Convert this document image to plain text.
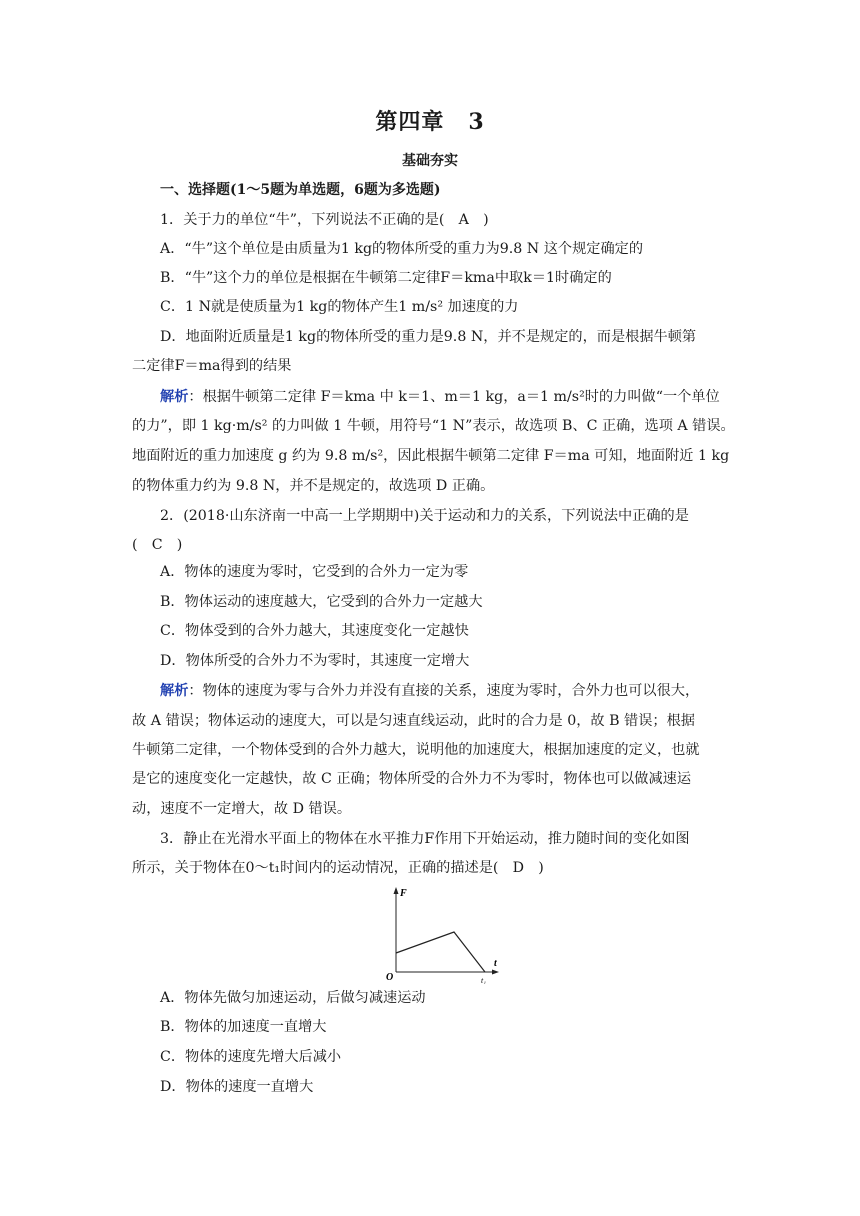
第四章 3
基础夯实
一、选择题(1～5题为单选题，6题为多选题)
1．关于力的单位“牛”，下列说法不正确的是(　A　)
A．“牛”这个单位是由质量为1 kg的物体所受的重力为9.8 N 这个规定确定的
B．“牛”这个力的单位是根据在牛顿第二定律F＝kma中取k＝1时确定的
C．1 N就是使质量为1 kg的物体产生1 m/s² 加速度的力
D．地面附近质量是1 kg的物体所受的重力是9.8 N，并不是规定的，而是根据牛顿第
二定律F＝ma得到的结果
解析：根据牛顿第二定律 F＝kma 中 k＝1、m＝1 kg，a＝1 m/s²时的力叫做“一个单位
的力”，即 1 kg·m/s² 的力叫做 1 牛顿，用符号“1 N”表示，故选项 B、C 正确，选项 A 错误。
地面附近的重力加速度 g 约为 9.8 m/s²，因此根据牛顿第二定律 F＝ma 可知，地面附近 1 kg
的物体重力约为 9.8 N，并不是规定的，故选项 D 正确。
2．(2018·山东济南一中高一上学期期中)关于运动和力的关系，下列说法中正确的是
(　C　)
A．物体的速度为零时，它受到的合外力一定为零
B．物体运动的速度越大，它受到的合外力一定越大
C．物体受到的合外力越大，其速度变化一定越快
D．物体所受的合外力不为零时，其速度一定增大
解析：物体的速度为零与合外力并没有直接的关系，速度为零时，合外力也可以很大，
故 A 错误；物体运动的速度大，可以是匀速直线运动，此时的合力是 0，故 B 错误；根据
牛顿第二定律，一个物体受到的合外力越大，说明他的加速度大，根据加速度的定义，也就
是它的速度变化一定越快，故 C 正确；物体所受的合外力不为零时，物体也可以做减速运
动，速度不一定增大，故 D 错误。
3．静止在光滑水平面上的物体在水平推力F作用下开始运动，推力随时间的变化如图
所示，关于物体在0～t₁时间内的运动情况，正确的描述是(　D　)
F
t
O	t₁
A．物体先做匀加速运动，后做匀减速运动
B．物体的加速度一直增大
C．物体的速度先增大后减小
D．物体的速度一直增大
